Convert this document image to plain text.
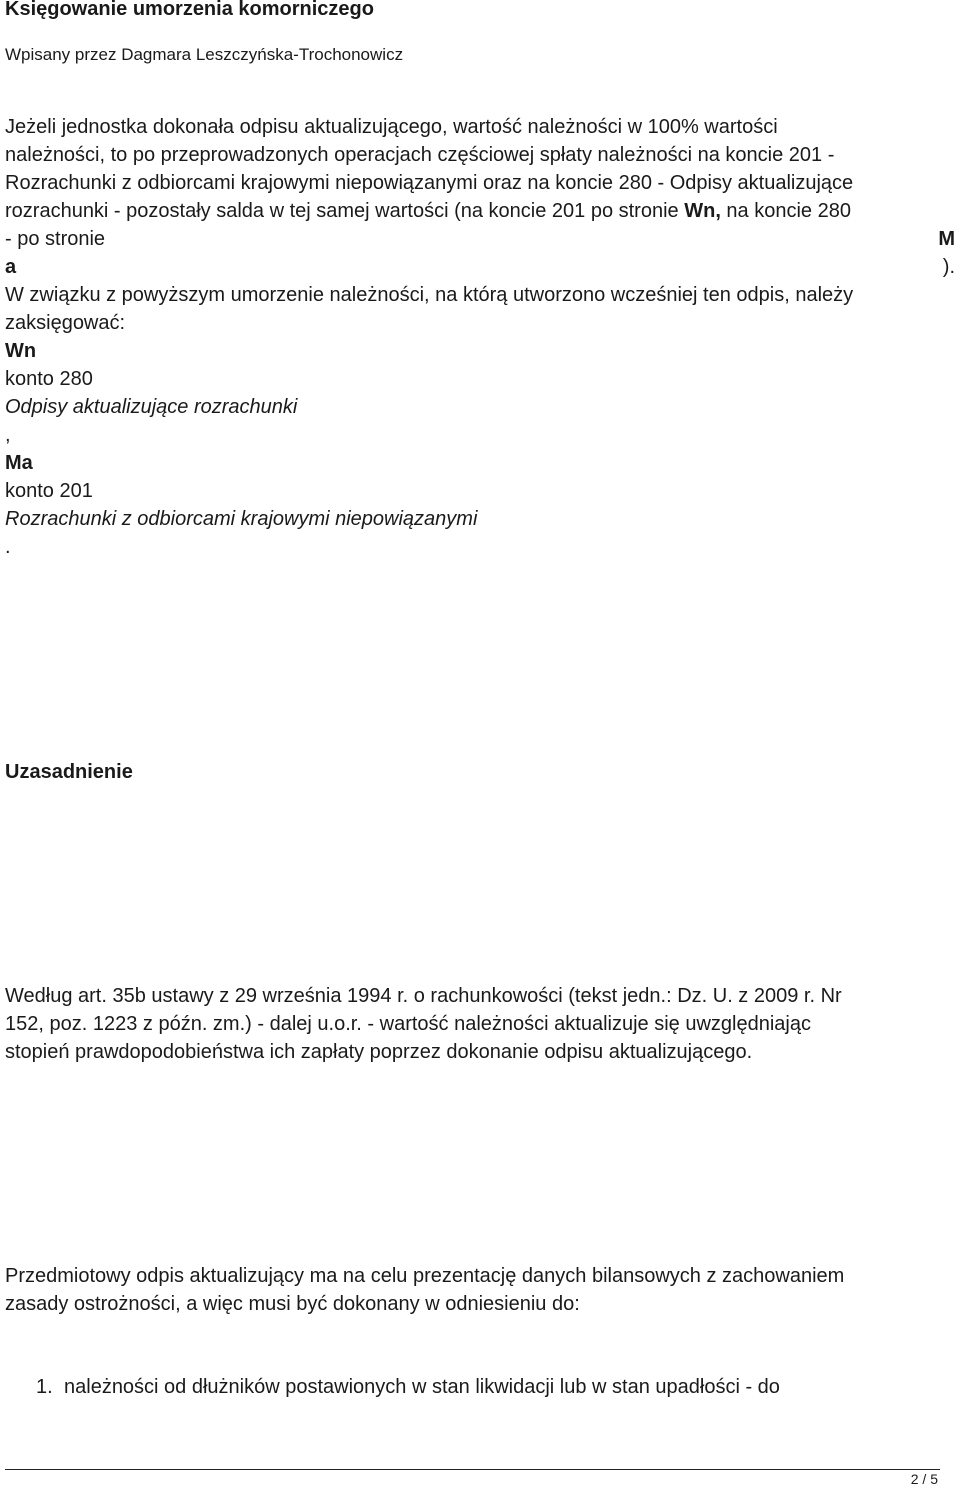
Księgowanie umorzenia komorniczego
Wpisany przez Dagmara Leszczyńska-Trochonowicz
Jeżeli jednostka dokonała odpisu aktualizującego, wartość należności w 100% wartości
należności, to po przeprowadzonych operacjach częściowej spłaty należności na koncie 201 -
Rozrachunki z odbiorcami krajowymi niepowiązanymi oraz na koncie 280 - Odpisy aktualizujące
rozrachunki - pozostały salda w tej samej wartości (na koncie 201 po stronie Wn, na koncie 280
- po stronie	M
a	).
W związku z powyższym umorzenie należności, na którą utworzono wcześniej ten odpis, należy
zaksięgować:
Wn
konto 280
Odpisy aktualizujące rozrachunki
,
Ma
konto 201
Rozrachunki z odbiorcami krajowymi niepowiązanymi
.
Uzasadnienie
Według art. 35b ustawy z 29 września 1994 r. o rachunkowości (tekst jedn.: Dz. U. z 2009 r. Nr
152, poz. 1223 z późn. zm.) - dalej u.o.r. - wartość należności aktualizuje się uwzględniając
stopień prawdopodobieństwa ich zapłaty poprzez dokonanie odpisu aktualizującego.
Przedmiotowy odpis aktualizujący ma na celu prezentację danych bilansowych z zachowaniem
zasady ostrożności, a więc musi być dokonany w odniesieniu do:
1. należności od dłużników postawionych w stan likwidacji lub w stan upadłości - do
2 / 5
